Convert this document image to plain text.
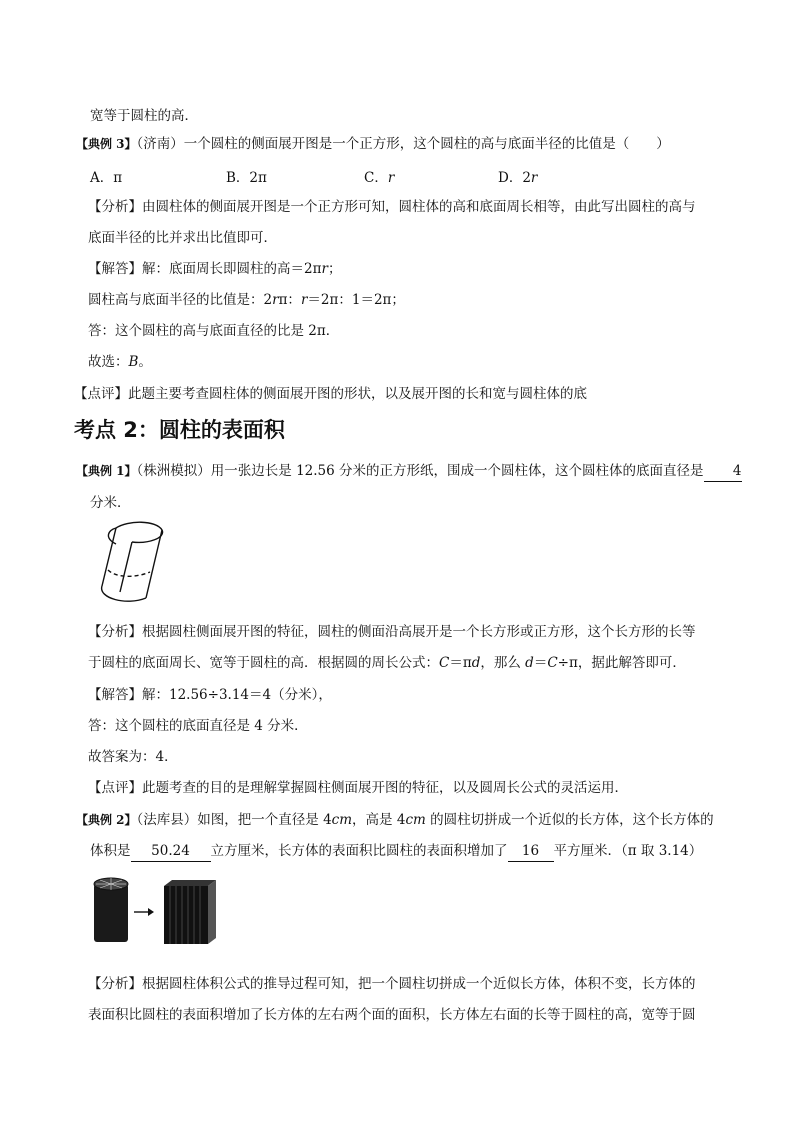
宽等于圆柱的高．
【典例 3】（济南）一个圆柱的侧面展开图是一个正方形，这个圆柱的高与底面半径的比值是（　　）
A．π	B．2π	C．r	D．2r
【分析】由圆柱体的侧面展开图是一个正方形可知，圆柱体的高和底面周长相等，由此写出圆柱的高与
底面半径的比并求出比值即可．
【解答】解：底面周长即圆柱的高＝2πr；
圆柱高与底面半径的比值是：2rπ：r＝2π：1＝2π；
答：这个圆柱的高与底面直径的比是 2π．
故选：B。
【点评】此题主要考查圆柱体的侧面展开图的形状，以及展开图的长和宽与圆柱体的底
考点 2：圆柱的表面积
【典例 1】（株洲模拟）用一张边长是 12.56 分米的正方形纸，围成一个圆柱体，这个圆柱体的底面直径是 4
分米．
【分析】根据圆柱侧面展开图的特征，圆柱的侧面沿高展开是一个长方形或正方形，这个长方形的长等
于圆柱的底面周长、宽等于圆柱的高．根据圆的周长公式：C＝πd，那么 d＝C÷π，据此解答即可．
【解答】解：12.56÷3.14＝4（分米），
答：这个圆柱的底面直径是 4 分米．
故答案为：4．
【点评】此题考查的目的是理解掌握圆柱侧面展开图的特征，以及圆周长公式的灵活运用．
【典例 2】（法库县）如图，把一个直径是 4cm，高是 4cm 的圆柱切拼成一个近似的长方体，这个长方体的
体积是 50.24 立方厘米，长方体的表面积比圆柱的表面积增加了 16 平方厘米．（π 取 3.14）
【分析】根据圆柱体积公式的推导过程可知，把一个圆柱切拼成一个近似长方体，体积不变，长方体的
表面积比圆柱的表面积增加了长方体的左右两个面的面积，长方体左右面的长等于圆柱的高，宽等于圆
